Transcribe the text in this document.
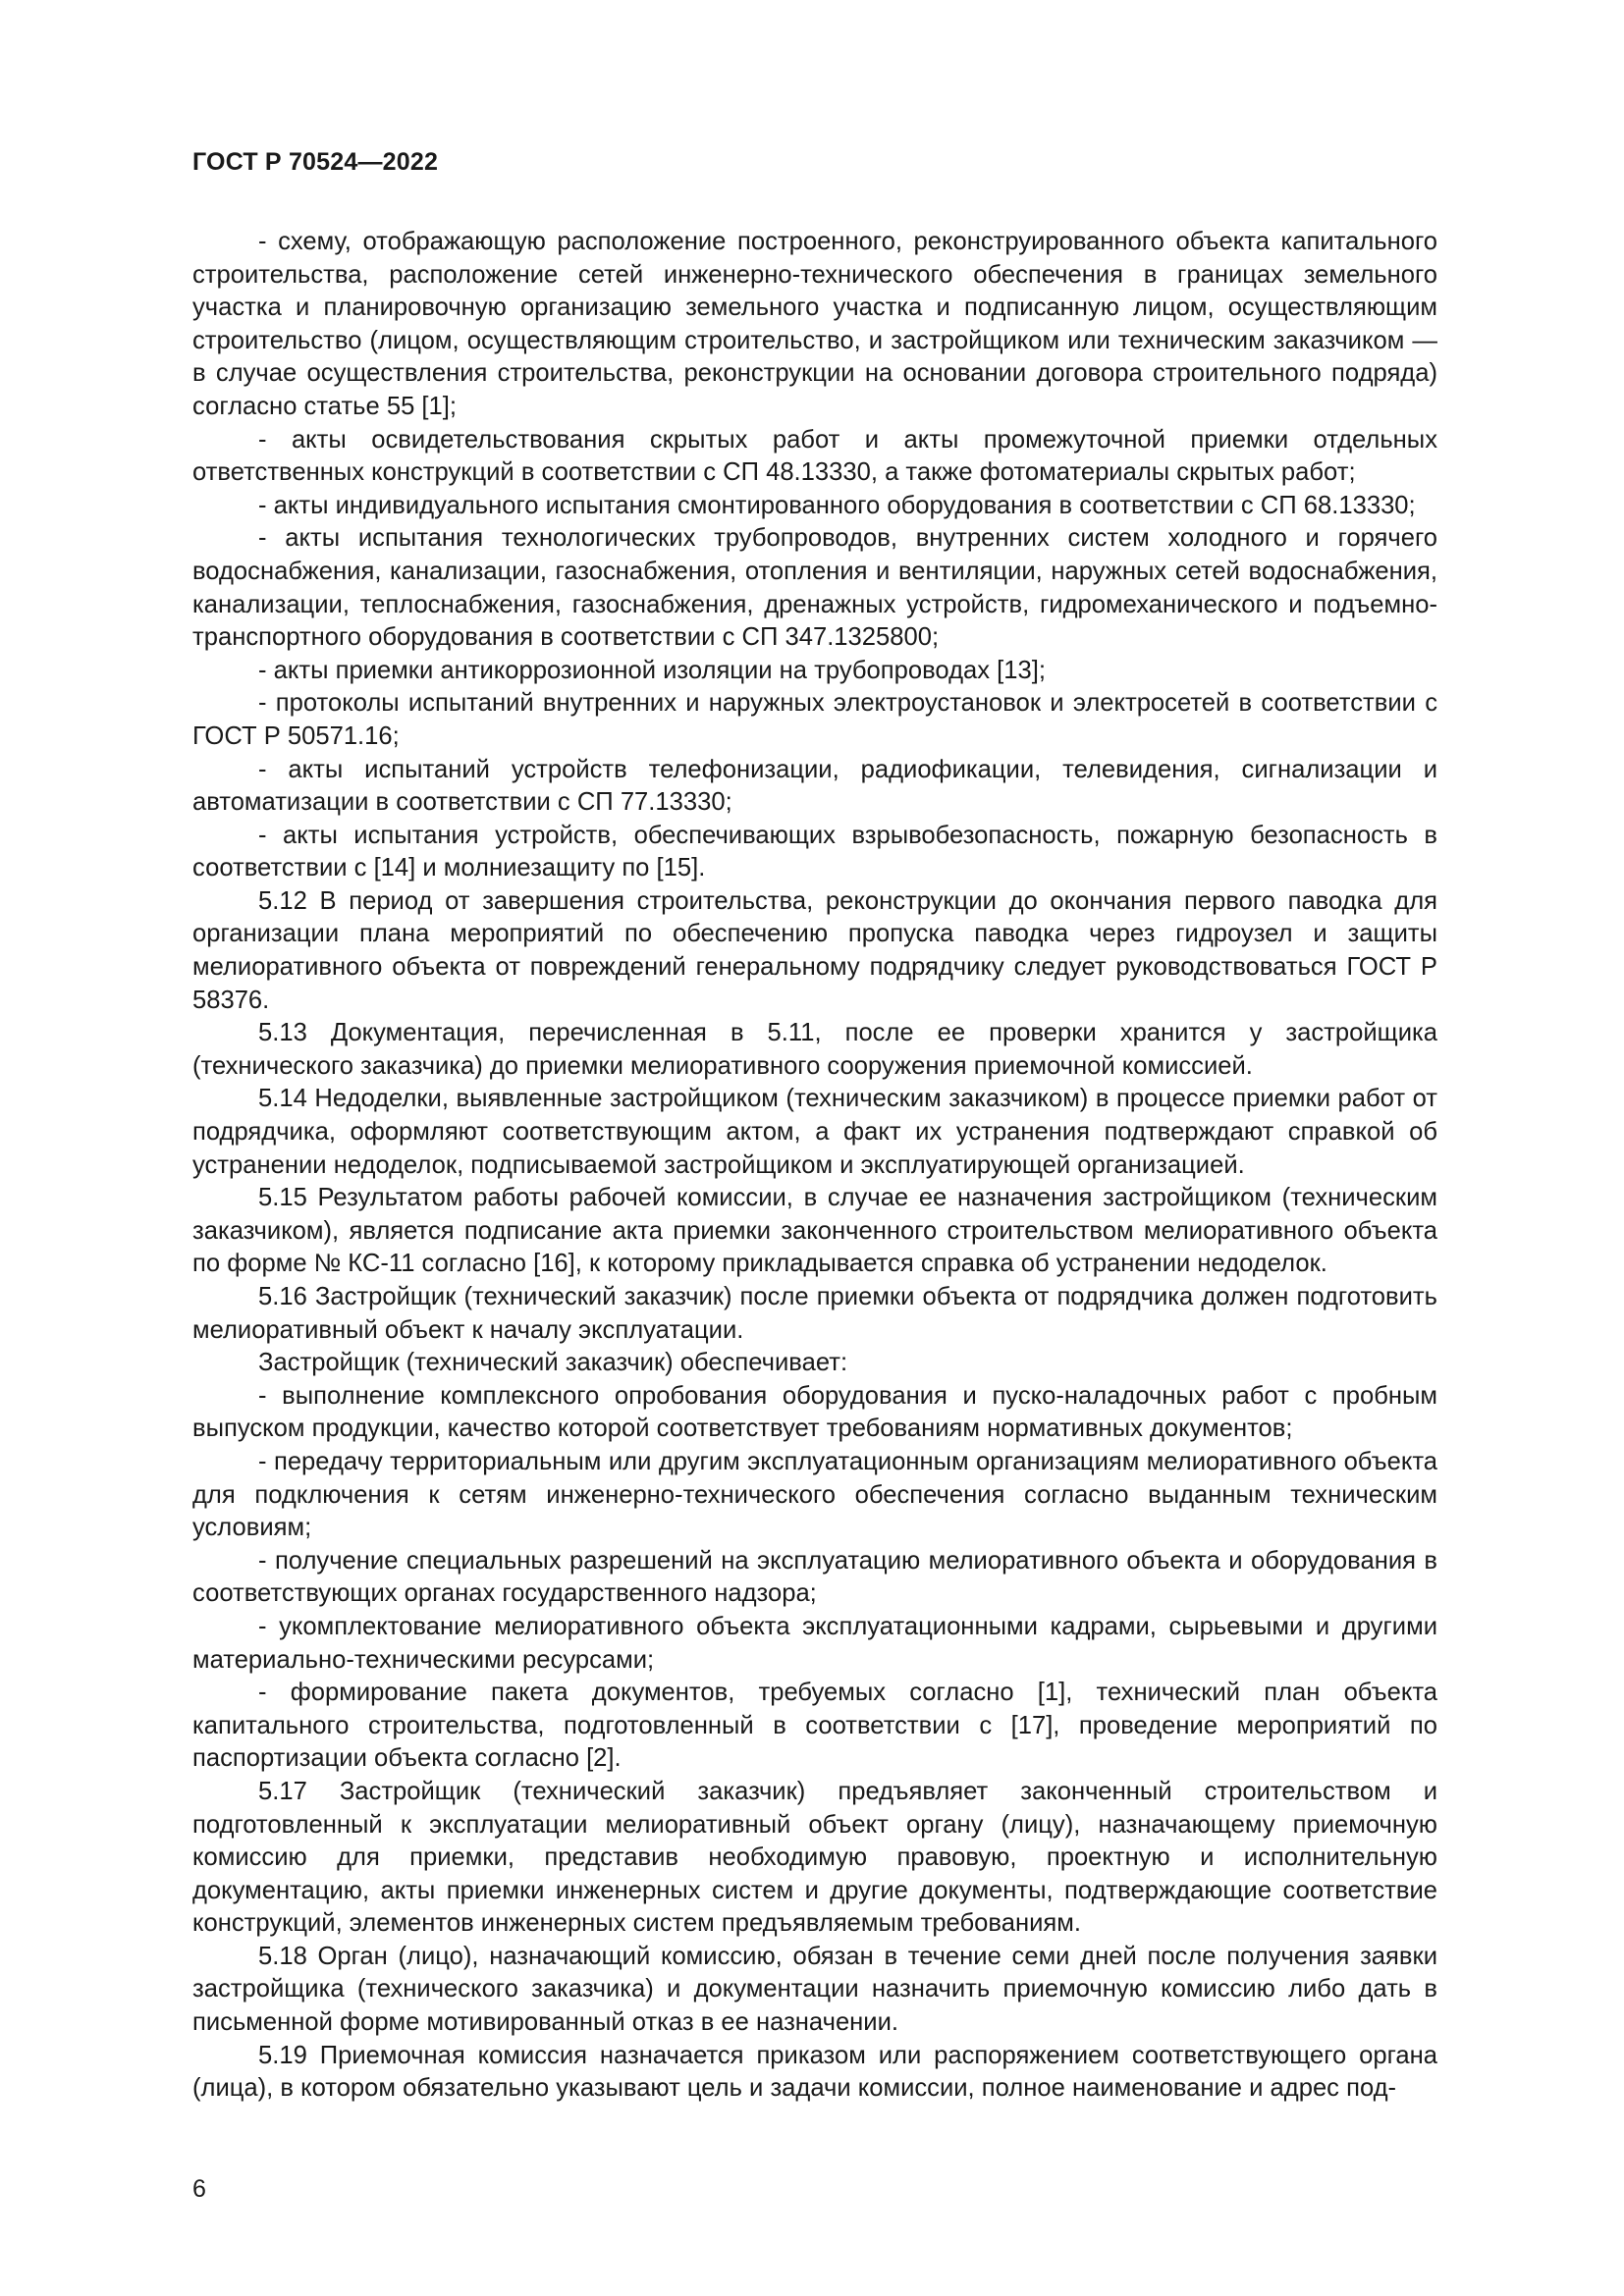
ГОСТ Р 70524—2022

- схему, отображающую расположение построенного, реконструированного объекта капитального строительства, расположение сетей инженерно-технического обеспечения в границах земельного участка и планировочную организацию земельного участка и подписанную лицом, осуществляющим строительство (лицом, осуществляющим строительство, и застройщиком или техническим заказчиком — в случае осуществления строительства, реконструкции на основании договора строительного подряда) согласно статье 55 [1];

- акты освидетельствования скрытых работ и акты промежуточной приемки отдельных ответственных конструкций в соответствии с СП 48.13330, а также фотоматериалы скрытых работ;

- акты индивидуального испытания смонтированного оборудования в соответствии с СП 68.13330;

- акты испытания технологических трубопроводов, внутренних систем холодного и горячего водоснабжения, канализации, газоснабжения, отопления и вентиляции, наружных сетей водоснабжения, канализации, теплоснабжения, газоснабжения, дренажных устройств, гидромеханического и подъемно-транспортного оборудования в соответствии с СП 347.1325800;

- акты приемки антикоррозионной изоляции на трубопроводах [13];

- протоколы испытаний внутренних и наружных электроустановок и электросетей в соответствии с ГОСТ Р 50571.16;

- акты испытаний устройств телефонизации, радиофикации, телевидения, сигнализации и автоматизации в соответствии с СП 77.13330;

- акты испытания устройств, обеспечивающих взрывобезопасность, пожарную безопасность в соответствии с [14] и молниезащиту по [15].

5.12 В период от завершения строительства, реконструкции до окончания первого паводка для организации плана мероприятий по обеспечению пропуска паводка через гидроузел и защиты мелиоративного объекта от повреждений генеральному подрядчику следует руководствоваться ГОСТ Р 58376.

5.13 Документация, перечисленная в 5.11, после ее проверки хранится у застройщика (технического заказчика) до приемки мелиоративного сооружения приемочной комиссией.

5.14 Недоделки, выявленные застройщиком (техническим заказчиком) в процессе приемки работ от подрядчика, оформляют соответствующим актом, а факт их устранения подтверждают справкой об устранении недоделок, подписываемой застройщиком и эксплуатирующей организацией.

5.15 Результатом работы рабочей комиссии, в случае ее назначения застройщиком (техническим заказчиком), является подписание акта приемки законченного строительством мелиоративного объекта по форме № КС-11 согласно [16], к которому прикладывается справка об устранении недоделок.

5.16 Застройщик (технический заказчик) после приемки объекта от подрядчика должен подготовить мелиоративный объект к началу эксплуатации.

Застройщик (технический заказчик) обеспечивает:

- выполнение комплексного опробования оборудования и пуско-наладочных работ с пробным выпуском продукции, качество которой соответствует требованиям нормативных документов;

- передачу территориальным или другим эксплуатационным организациям мелиоративного объекта для подключения к сетям инженерно-технического обеспечения согласно выданным техническим условиям;

- получение специальных разрешений на эксплуатацию мелиоративного объекта и оборудования в соответствующих органах государственного надзора;

- укомплектование мелиоративного объекта эксплуатационными кадрами, сырьевыми и другими материально-техническими ресурсами;

- формирование пакета документов, требуемых согласно [1], технический план объекта капитального строительства, подготовленный в соответствии с [17], проведение мероприятий по паспортизации объекта согласно [2].

5.17 Застройщик (технический заказчик) предъявляет законченный строительством и подготовленный к эксплуатации мелиоративный объект органу (лицу), назначающему приемочную комиссию для приемки, представив необходимую правовую, проектную и исполнительную документацию, акты приемки инженерных систем и другие документы, подтверждающие соответствие конструкций, элементов инженерных систем предъявляемым требованиям.

5.18 Орган (лицо), назначающий комиссию, обязан в течение семи дней после получения заявки застройщика (технического заказчика) и документации назначить приемочную комиссию либо дать в письменной форме мотивированный отказ в ее назначении.

5.19 Приемочная комиссия назначается приказом или распоряжением соответствующего органа (лица), в котором обязательно указывают цель и задачи комиссии, полное наименование и адрес под-

6
